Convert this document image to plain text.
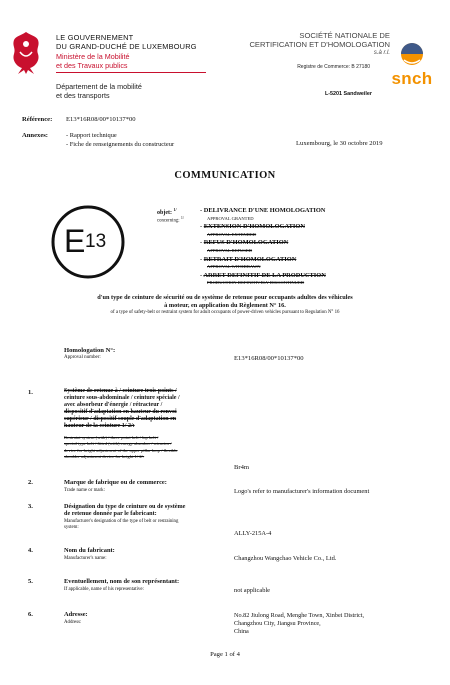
LE GOUVERNEMENT
DU GRAND-DUCHÉ DE LUXEMBOURG
Ministère de la Mobilité
et des Travaux publics
Département de la mobilité
et des transports
SOCIÉTÉ NATIONALE DE
CERTIFICATION ET D'HOMOLOGATION
s.à r.l.
Registre de Commerce: B 27180
L-5201 Sandweiler
snch
Référence: E13*16R08/00*10137*00
Annexes:	- Rapport technique
- Fiche de renseignements du constructeur	Luxembourg, le 30 octobre 2019
COMMUNICATION
E 13
objet: $^{1/}$
concerning: $^{1/}$
- DELIVRANCE D'UNE HOMOLOGATION
APPROVAL GRANTED
- EXTENSION D'HOMOLOGATION
APPROVAL EXTENDED
- REFUS D'HOMOLOGATION
APPROVAL REFUSED
- RETRAIT D'HOMOLOGATION
APPROVAL WITHDRAWN
- ARRET DEFINITIF DE LA PRODUCTION
PRODUCTION DEFINITIVELY DISCONTINUED
d'un type de ceinture de sécurité ou de système de retenue pour occupants adultes des véhicules
à moteur, en application du Règlement N° 16.
of a type of safety-belt or restraint system for adult occupants of power-driven vehicles pursuant to Regulation N° 16
Homologation N°:
Approval number:	E13*16R08/00*10137*00
1.	Système de retenue à / ceinture trois points /
ceinture sous-abdominale / ceinture spéciale /
avec absorbeur d'énergie / rétracteur /
dispositif d'adaptation en hauteur du renvoi
supérieur / dispositif souple d'adaptation en
hauteur de la ceinture 1/ 2/:
Restraint system (with) / three-point belt / lap belt /
special type belt / fitted (with) energy absorber / retractor /
device for height adjustment of the upper pillar loop / flexible
shoulder adjustment device for height 1/ 2/:
Br4m
2.	Marque de fabrique ou de commerce:
Trade name or mark:	Logo's refer to manufacturer's information document
3.	Désignation du type de ceinture ou de système
de retenue donnée par le fabricant:
Manufacturer's designation of the type of belt or restraining
system:
ALLY-215A-4
4.	Nom du fabricant:
Manufacturer's name:	Changzhou Wangchao Vehicle Co., Ltd.
5.	Eventuellement, nom de son représentant:
If applicable, name of his representative:	not applicable
6.	Adresse:
Address:
No.82 Jiulong Road, Menghe Town, Xinbei District,
Changzhou City, Jiangsu Province,
China
Page 1 of 4
